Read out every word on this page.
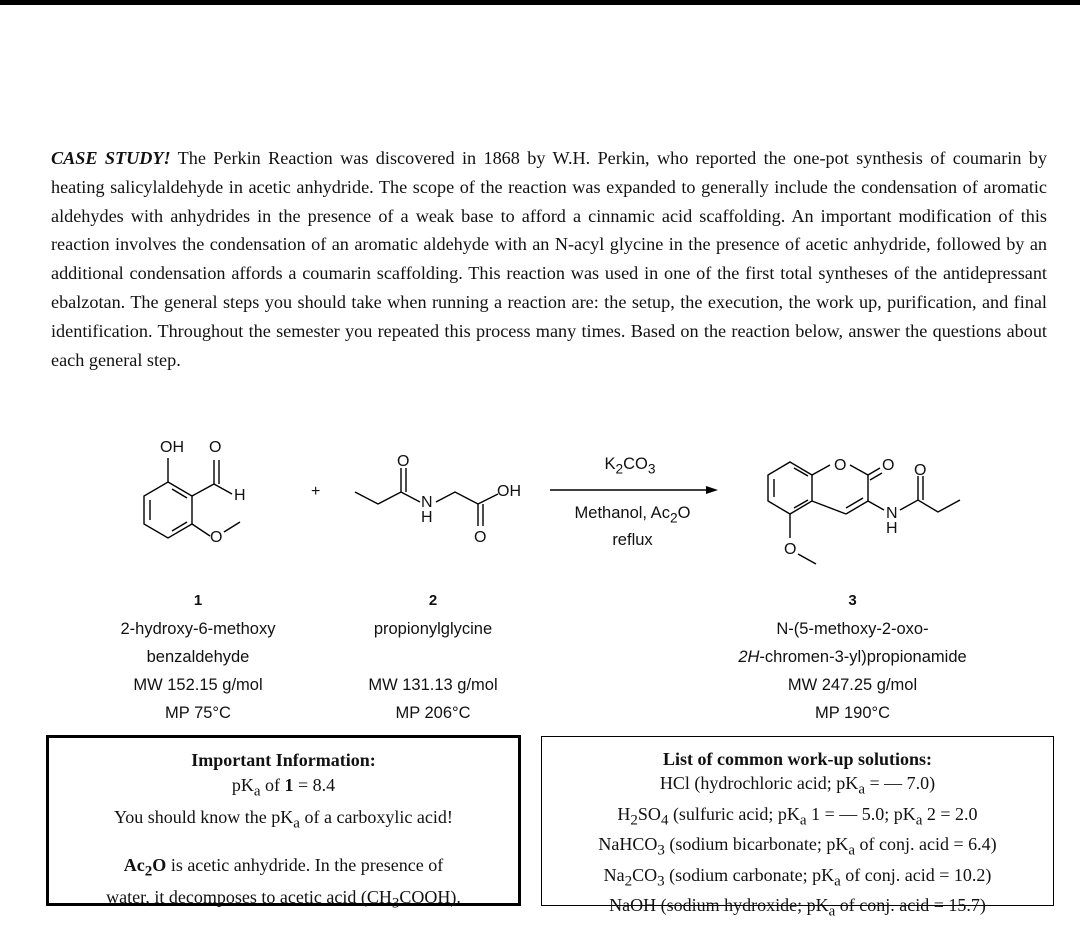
CASE STUDY! The Perkin Reaction was discovered in 1868 by W.H. Perkin, who reported the one-pot synthesis of coumarin by heating salicylaldehyde in acetic anhydride. The scope of the reaction was expanded to generally include the condensation of aromatic aldehydes with anhydrides in the presence of a weak base to afford a cinnamic acid scaffolding. An important modification of this reaction involves the condensation of an aromatic aldehyde with an N-acyl glycine in the presence of acetic anhydride, followed by an additional condensation affords a coumarin scaffolding. This reaction was used in one of the first total syntheses of the antidepressant ebalzotan. The general steps you should take when running a reaction are: the setup, the execution, the work up, purification, and final identification. Throughout the semester you repeated this process many times. Based on the reaction below, answer the questions about each general step.

OH O
H
O
+
O
N
H
OH
O
O O O
N
H
O
$K_2CO_3$
Methanol, $Ac_2O$
reflux
1
2-hydroxy-6-methoxy
benzaldehyde
MW 152.15 g/mol
MP 75°C
2
propionylglycine
MW 131.13 g/mol
MP 206°C
3
N-(5-methoxy-2-oxo-
2H-chromen-3-yl)propionamide
MW 247.25 g/mol
MP 190°C
Important Information:
$pK_a$ of 1 = 8.4
You should know the $pK_a$ of a carboxylic acid!
$Ac_2O$ is acetic anhydride. In the presence of
water, it decomposes to acetic acid $(CH_3COOH)$.
List of common work-up solutions:
HCl (hydrochloric acid; $pK_a$ = — 7.0)
$H_2SO_4$ (sulfuric acid; $pK_a$ 1 = — 5.0; $pK_a$ 2 = 2.0
NaHCO$_3$ (sodium bicarbonate; $pK_a$ of conj. acid = 6.4)
$Na_2CO_3$ (sodium carbonate; $pK_a$ of conj. acid = 10.2)
NaOH (sodium hydroxide; $pK_a$ of conj. acid = 15.7)
